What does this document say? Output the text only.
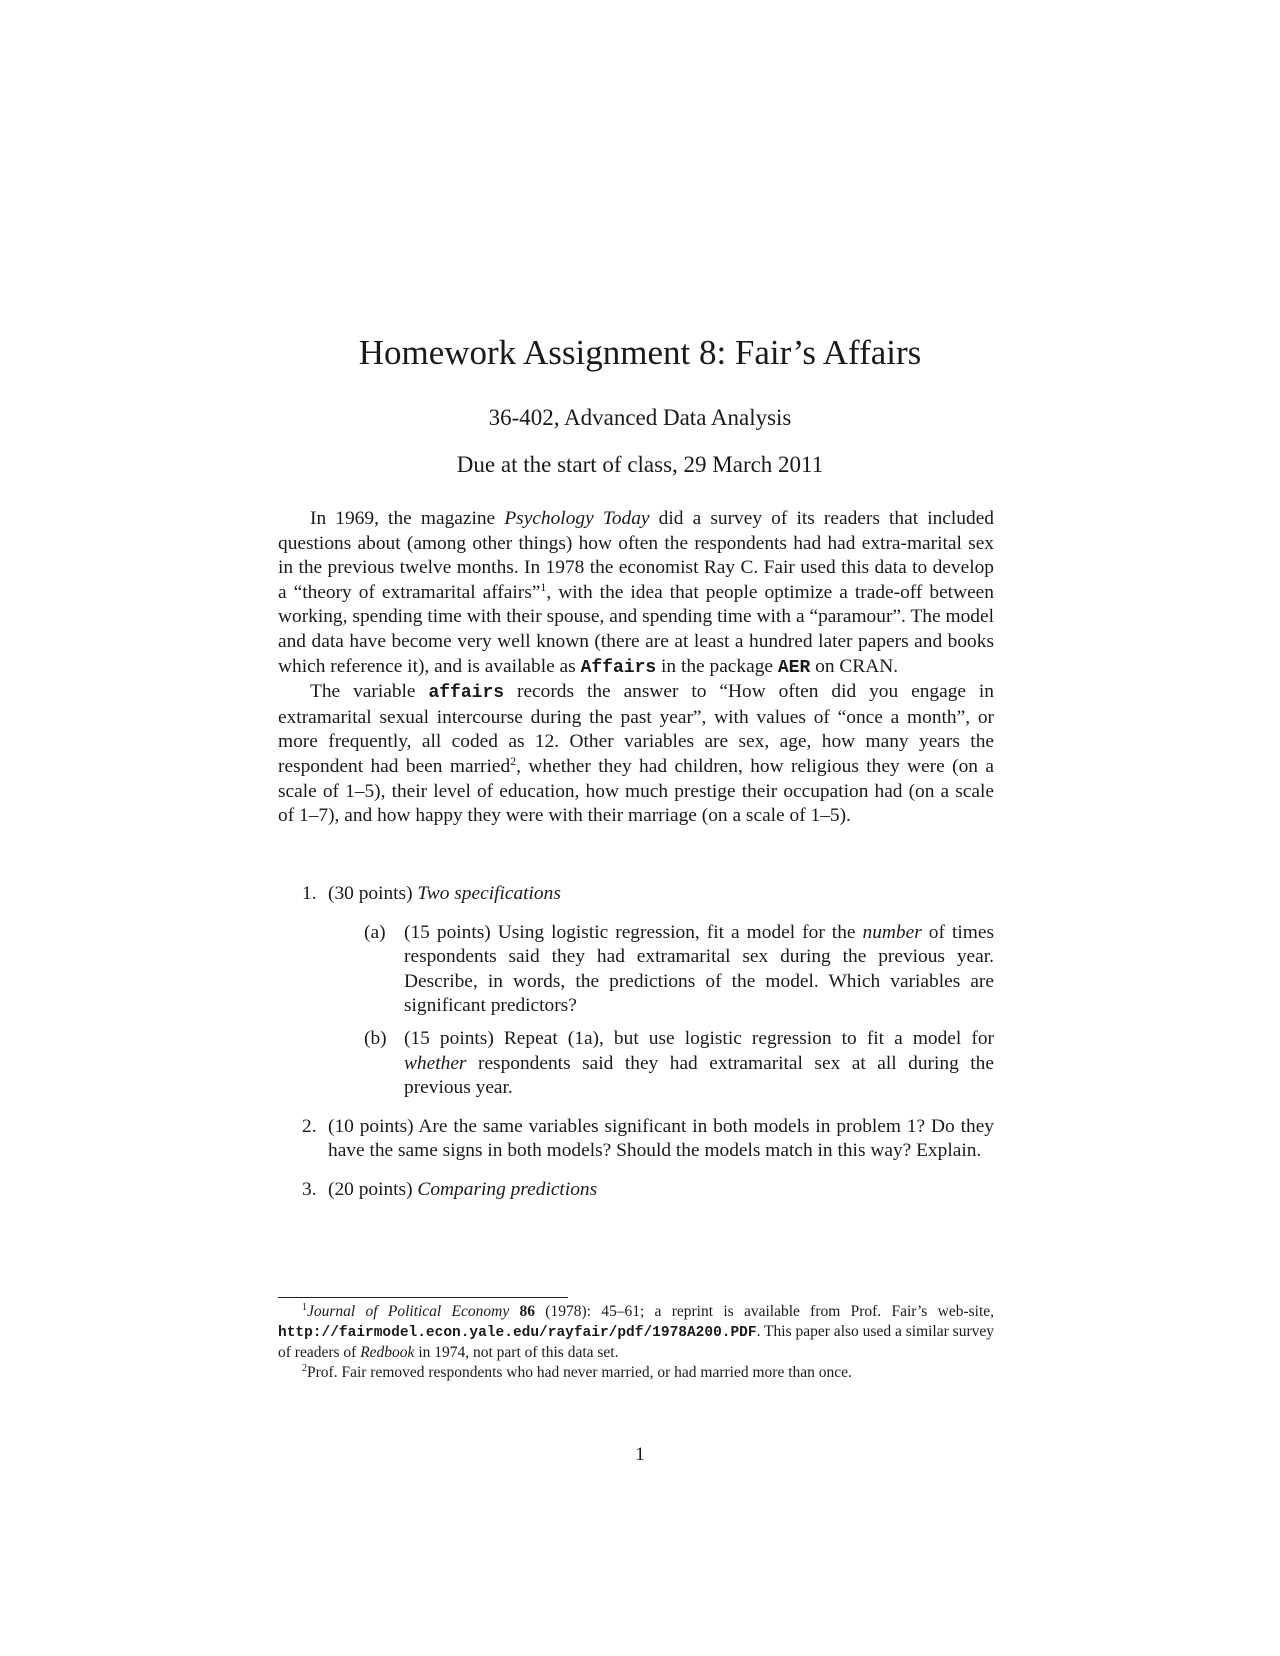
Homework Assignment 8: Fair’s Affairs
36-402, Advanced Data Analysis
Due at the start of class, 29 March 2011

In 1969, the magazine Psychology Today did a survey of its readers that included questions about (among other things) how often the respondents had had extra-marital sex in the previous twelve months. In 1978 the economist Ray C. Fair used this data to develop a “theory of extramarital affairs”$^1$, with the idea that people optimize a trade-off between working, spending time with their spouse, and spending time with a “paramour”. The model and data have become very well known (there are at least a hundred later papers and books which reference it), and is available as Affairs in the package AER on CRAN.

The variable affairs records the answer to “How often did you engage in extramarital sexual intercourse during the past year”, with values of “once a month”, or more frequently, all coded as 12. Other variables are sex, age, how many years the respondent had been married$^2$, whether they had children, how religious they were (on a scale of 1–5), their level of education, how much prestige their occupation had (on a scale of 1–7), and how happy they were with their marriage (on a scale of 1–5).

1. (30 points) Two specifications
(a) (15 points) Using logistic regression, fit a model for the number of times respondents said they had extramarital sex during the previous year. Describe, in words, the predictions of the model. Which variables are significant predictors?
(b) (15 points) Repeat (1a), but use logistic regression to fit a model for whether respondents said they had extramarital sex at all during the previous year.
2. (10 points) Are the same variables significant in both models in problem 1? Do they have the same signs in both models? Should the models match in this way? Explain.
3. (20 points) Comparing predictions

$^1$Journal of Political Economy 86 (1978): 45–61; a reprint is available from Prof. Fair’s web-site, http://fairmodel.econ.yale.edu/rayfair/pdf/1978A200.PDF. This paper also used a similar survey of readers of Redbook in 1974, not part of this data set.

$^2$Prof. Fair removed respondents who had never married, or had married more than once.

1
